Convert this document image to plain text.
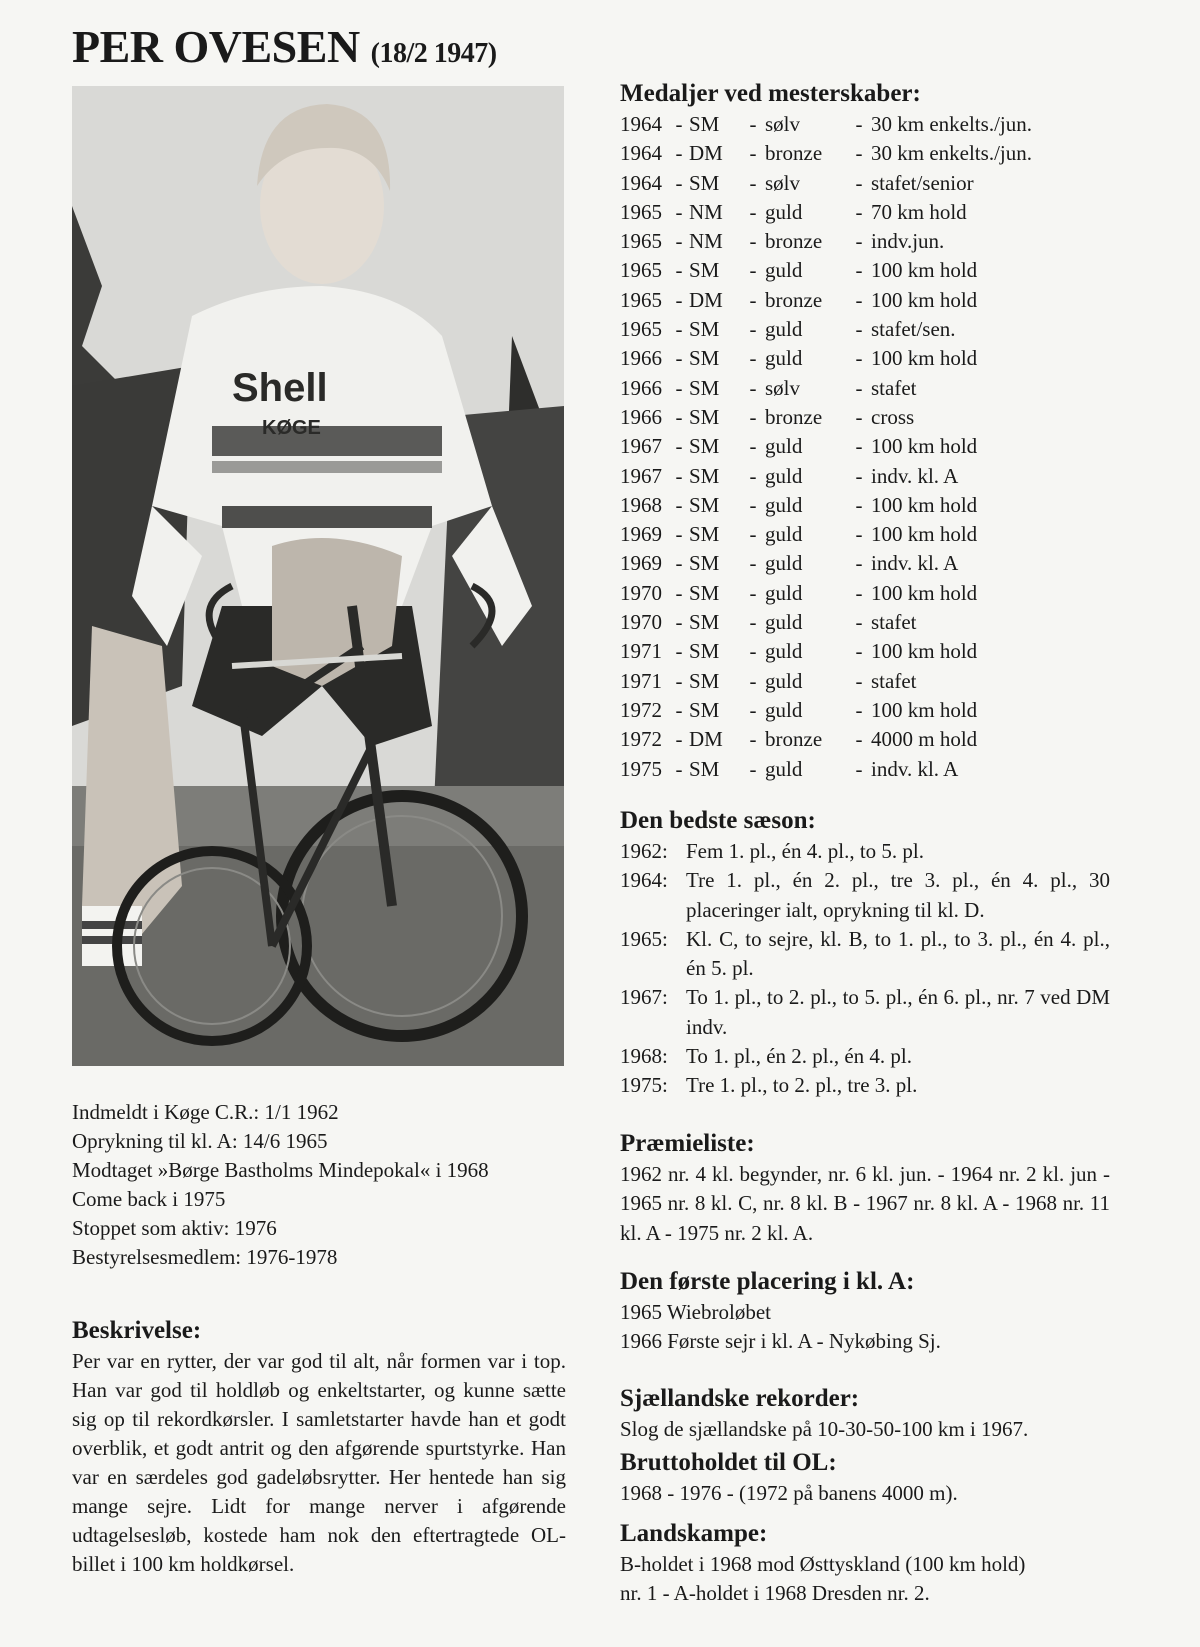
PER OVESEN (18/2 1947)
Shell
KØGE
Indmeldt i Køge C.R.: 1/1 1962
Oprykning til kl. A: 14/6 1965
Modtaget »Børge Bastholms Mindepokal« i 1968
Come back i 1975
Stoppet som aktiv: 1976
Bestyrelsesmedlem: 1976-1978
Beskrivelse:

Per var en rytter, der var god til alt, når formen var i top. Han var god til holdløb og enkeltstarter, og kunne sætte sig op til rekordkørsler. I samletstarter havde han et godt overblik, et godt antrit og den afgørende spurtstyrke. Han var en særdeles god gadeløbsrytter. Her hentede han sig mange sejre. Lidt for mange nerver i afgørende udtagelsesløb, kostede ham nok den eftertragtede OL-billet i 100 km holdkørsel.

Medaljer ved mesterskaber:
1964 - SM	- sølv	- 30 km enkelts./jun.
1964 - DM	- bronze	- 30 km enkelts./jun.
1964 - SM	- sølv	- stafet/senior
1965 - NM	- guld	- 70 km hold
1965 - NM	- bronze	- indv.jun.
1965 - SM	- guld	- 100 km hold
1965 - DM	- bronze	- 100 km hold
1965 - SM	- guld	- stafet/sen.
1966 - SM	- guld	- 100 km hold
1966 - SM	- sølv	- stafet
1966 - SM	- bronze	- cross
1967 - SM	- guld	- 100 km hold
1967 - SM	- guld	- indv. kl. A
1968 - SM	- guld	- 100 km hold
1969 - SM	- guld	- 100 km hold
1969 - SM	- guld	- indv. kl. A
1970 - SM	- guld	- 100 km hold
1970 - SM	- guld	- stafet
1971 - SM	- guld	- 100 km hold
1971 - SM	- guld	- stafet
1972 - SM	- guld	- 100 km hold
1972 - DM	- bronze	- 4000 m hold
1975 - SM	- guld	- indv. kl. A
Den bedste sæson:
1962: Fem 1. pl., én 4. pl., to 5. pl.
1964: Tre 1. pl., én 2. pl., tre 3. pl., én 4. pl., 30 placeringer ialt, oprykning til kl. D.
1965: Kl. C, to sejre, kl. B, to 1. pl., to 3. pl., én 4. pl., én 5. pl.
1967: To 1. pl., to 2. pl., to 5. pl., én 6. pl., nr. 7 ved DM indv.
1968: To 1. pl., én 2. pl., én 4. pl.
1975: Tre 1. pl., to 2. pl., tre 3. pl.
Præmieliste:

1962 nr. 4 kl. begynder, nr. 6 kl. jun. - 1964 nr. 2 kl. jun - 1965 nr. 8 kl. C, nr. 8 kl. B - 1967 nr. 8 kl. A - 1968 nr. 11 kl. A - 1975 nr. 2 kl. A.

Den første placering i kl. A:
1965 Wiebroløbet
1966 Første sejr i kl. A - Nykøbing Sj.
Sjællandske rekorder:

Slog de sjællandske på 10-30-50-100 km i 1967.

Bruttoholdet til OL:

1968 - 1976 - (1972 på banens 4000 m).

Landskampe:
B-holdet i 1968 mod Østtyskland (100 km hold)
nr. 1 - A-holdet i 1968 Dresden nr. 2.
